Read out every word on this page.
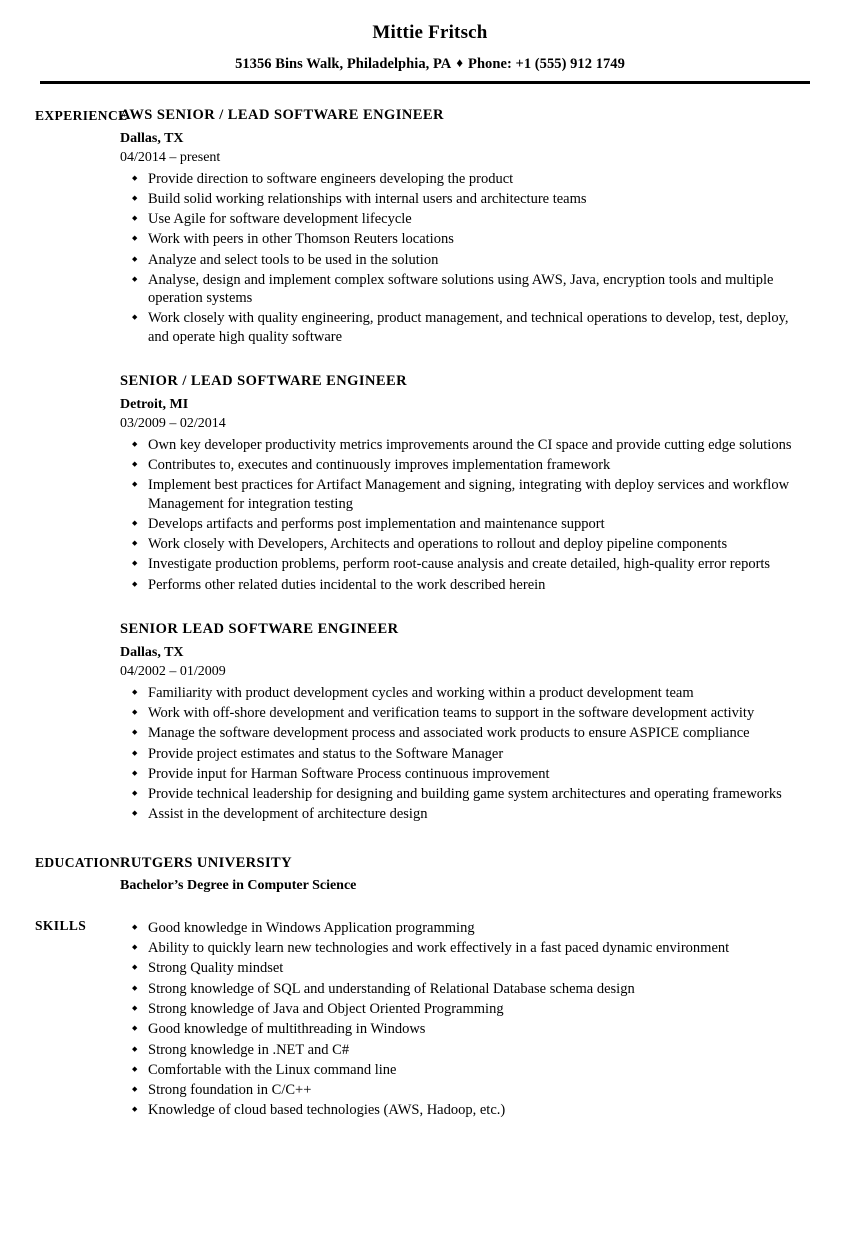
Mittie Fritsch
51356 Bins Walk, Philadelphia, PA ♦ Phone: +1 (555) 912 1749
EXPERIENCE
AWS SENIOR / LEAD SOFTWARE ENGINEER
Dallas, TX
04/2014 – present
◆ Provide direction to software engineers developing the product
◆ Build solid working relationships with internal users and architecture teams
◆ Use Agile for software development lifecycle
◆ Work with peers in other Thomson Reuters locations
◆ Analyze and select tools to be used in the solution
◆ Analyse, design and implement complex software solutions using AWS, Java, encryption tools and multiple operation systems
◆ Work closely with quality engineering, product management, and technical operations to develop, test, deploy, and operate high quality software
SENIOR / LEAD SOFTWARE ENGINEER
Detroit, MI
03/2009 – 02/2014
◆ Own key developer productivity metrics improvements around the CI space and provide cutting edge solutions
◆ Contributes to, executes and continuously improves implementation framework
◆ Implement best practices for Artifact Management and signing, integrating with deploy services and workflow Management for integration testing
◆ Develops artifacts and performs post implementation and maintenance support
◆ Work closely with Developers, Architects and operations to rollout and deploy pipeline components
◆ Investigate production problems, perform root-cause analysis and create detailed, high-quality error reports
◆ Performs other related duties incidental to the work described herein
SENIOR LEAD SOFTWARE ENGINEER
Dallas, TX
04/2002 – 01/2009
◆ Familiarity with product development cycles and working within a product development team
◆ Work with off-shore development and verification teams to support in the software development activity
◆ Manage the software development process and associated work products to ensure ASPICE compliance
◆ Provide project estimates and status to the Software Manager
◆ Provide input for Harman Software Process continuous improvement
◆ Provide technical leadership for designing and building game system architectures and operating frameworks
◆ Assist in the development of architecture design
EDUCATION RUTGERS UNIVERSITY
Bachelor’s Degree in Computer Science
SKILLS	◆ Good knowledge in Windows Application programming
◆ Ability to quickly learn new technologies and work effectively in a fast paced dynamic environment
◆ Strong Quality mindset
◆ Strong knowledge of SQL and understanding of Relational Database schema design
◆ Strong knowledge of Java and Object Oriented Programming
◆ Good knowledge of multithreading in Windows
◆ Strong knowledge in .NET and C#
◆ Comfortable with the Linux command line
◆ Strong foundation in C/C++
◆ Knowledge of cloud based technologies (AWS, Hadoop, etc.)
